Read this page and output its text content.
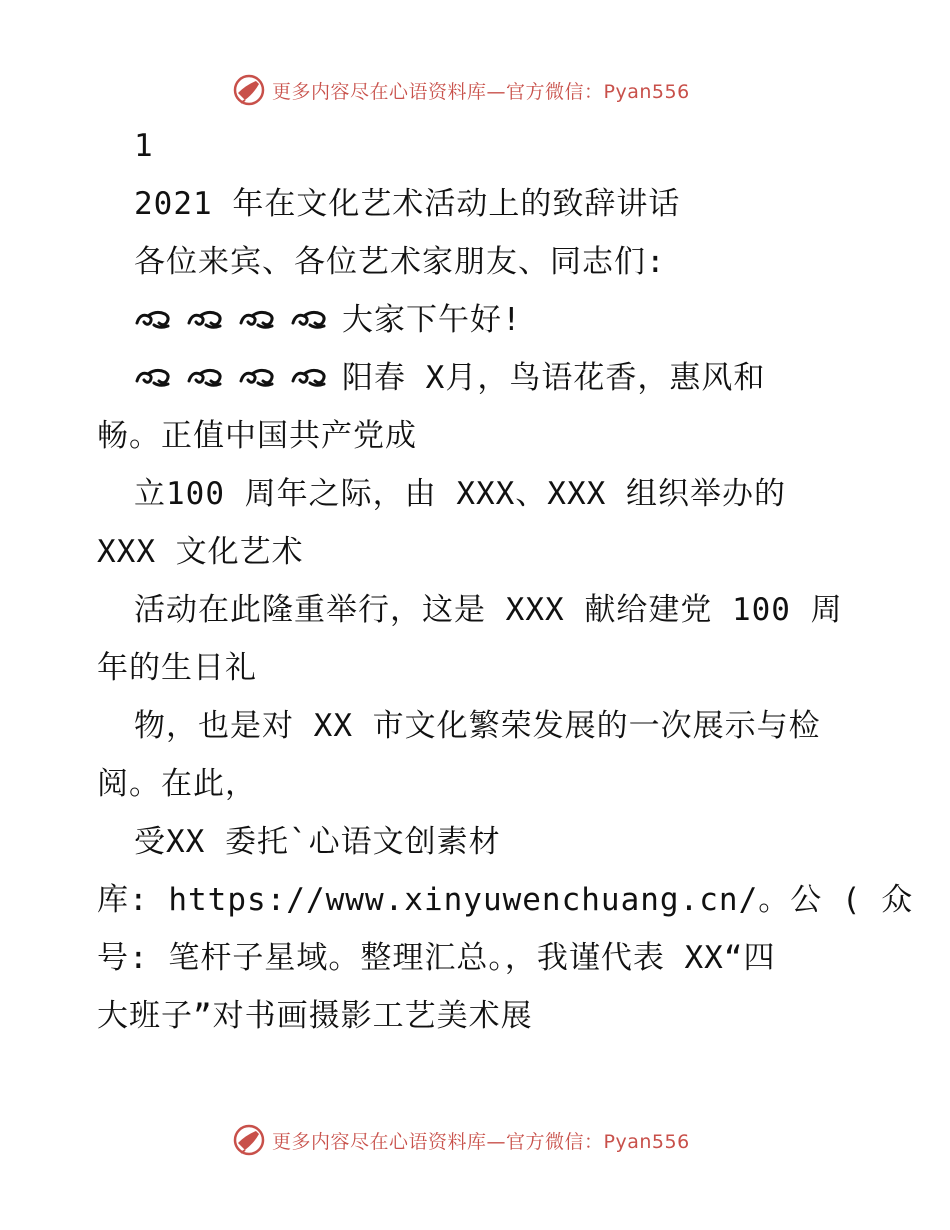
更多内容尽在心语资料库—官方微信：Pyan556
1
2021 年在文化艺术活动上的致辞讲话
各位来宾、各位艺术家朋友、同志们:
大家下午好!
阳春 X月，鸟语花香，惠风和
畅。正值中国共产党成
立100 周年之际，由 XXX、XXX 组织举办的
XXX 文化艺术
活动在此隆重举行，这是 XXX 献给建党 100 周
年的生日礼
物，也是对 XX 市文化繁荣发展的一次展示与检
阅。在此，
受XX 委托`心语文创素材
库: https://www.xinyuwenchuang.cn/。公 ( 众
号: 笔杆子星域。整理汇总。，我谨代表 XX“四
大班子”对书画摄影工艺美术展
更多内容尽在心语资料库—官方微信：Pyan556
